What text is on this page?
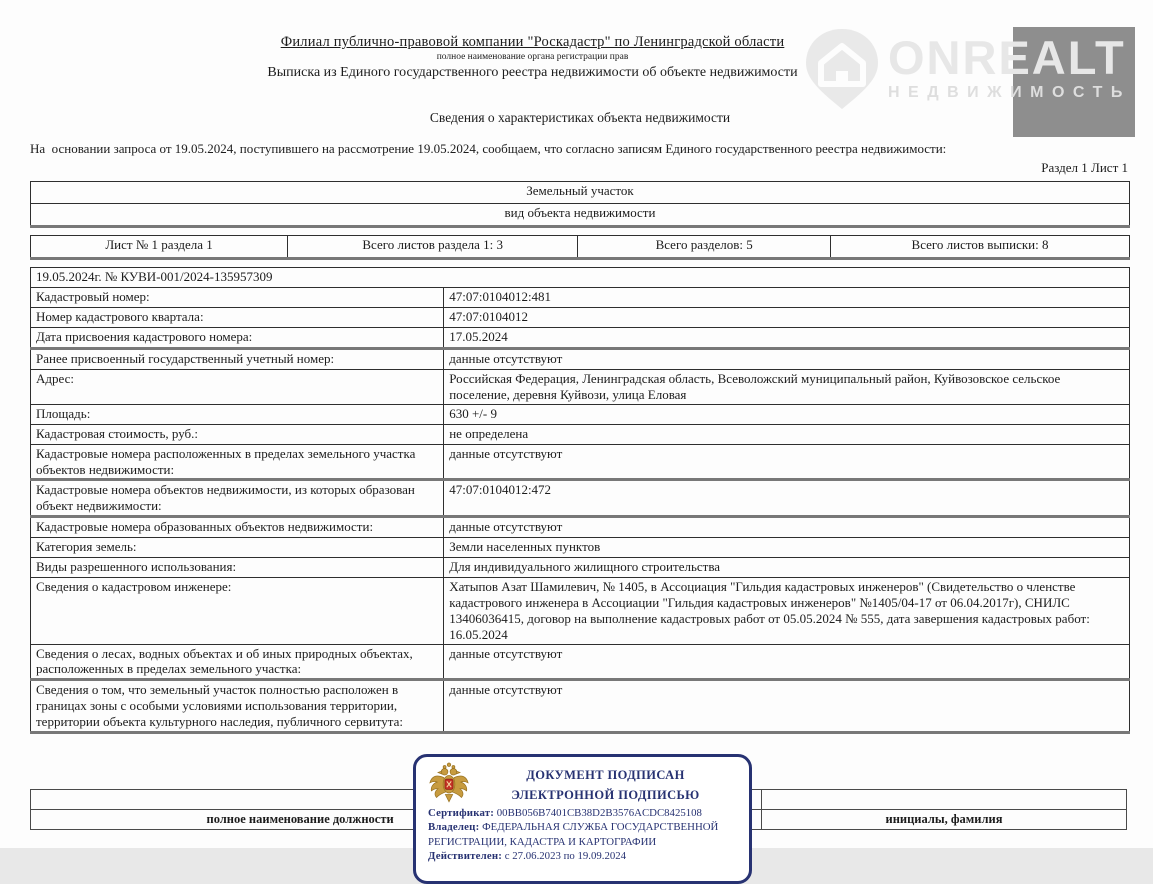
ONREALT
НЕДВИЖИМОСТЬ
Филиал публично-правовой компании "Роскадастр" по Ленинградской области
полное наименование органа регистрации прав
Выписка из Единого государственного реестра недвижимости об объекте недвижимости
Сведения о характеристиках объекта недвижимости
На  основании запроса от 19.05.2024, поступившего на рассмотрение 19.05.2024, сообщаем, что согласно записям Единого государственного реестра недвижимости:
Раздел 1 Лист 1
Земельный участок
вид объекта недвижимости
Лист № 1 раздела 1	Всего листов раздела 1: 3	Всего разделов: 5	Всего листов выписки: 8
19.05.2024г. № КУВИ-001/2024-135957309	
Кадастровый номер:	47:07:0104012:481
Номер кадастрового квартала:	47:07:0104012
Дата присвоения кадастрового номера:	17.05.2024
Ранее присвоенный государственный учетный номер:	данные отсутствуют
Адрес:	Российская Федерация, Ленинградская область, Всеволожский муниципальный район, Куйвозовское сельское поселение, деревня Куйвози, улица Еловая
Площадь:	630 +/- 9
Кадастровая стоимость, руб.:	не определена
Кадастровые номера расположенных в пределах земельного участка объектов недвижимости:	данные отсутствуют
Кадастровые номера объектов недвижимости, из которых образован объект недвижимости:	47:07:0104012:472
Кадастровые номера образованных объектов недвижимости:	данные отсутствуют
Категория земель:	Земли населенных пунктов
Виды разрешенного использования:	Для индивидуального жилищного строительства
Сведения о кадастровом инженере:	Хатыпов Азат Шамилевич, № 1405, в Ассоциация "Гильдия кадастровых инженеров" (Свидетельство о членстве кадастрового инженера в Ассоциации "Гильдия кадастровых инженеров" №1405/04-17 от 06.04.2017г), СНИЛС 13406036415, договор на выполнение кадастровых работ от 05.05.2024 № 555, дата завершения кадастровых работ: 16.05.2024
Сведения о лесах, водных объектах и об иных природных объектах, расположенных в пределах земельного участка:	данные отсутствуют
Сведения о том, что земельный участок полностью расположен в границах зоны с особыми условиями использования территории, территории объекта культурного наследия, публичного сервитута:	данные отсутствуют

полное наименование должности		инициалы, фамилия
ДОКУМЕНТ ПОДПИСАН
ЭЛЕКТРОННОЙ ПОДПИСЬЮ
Сертификат: 00BB056B7401CB38D2B3576ACDC8425108
Владелец: ФЕДЕРАЛЬНАЯ СЛУЖБА ГОСУДАРСТВЕННОЙ РЕГИСТРАЦИИ, КАДАСТРА И КАРТОГРАФИИ
Действителен: с 27.06.2023 по 19.09.2024
